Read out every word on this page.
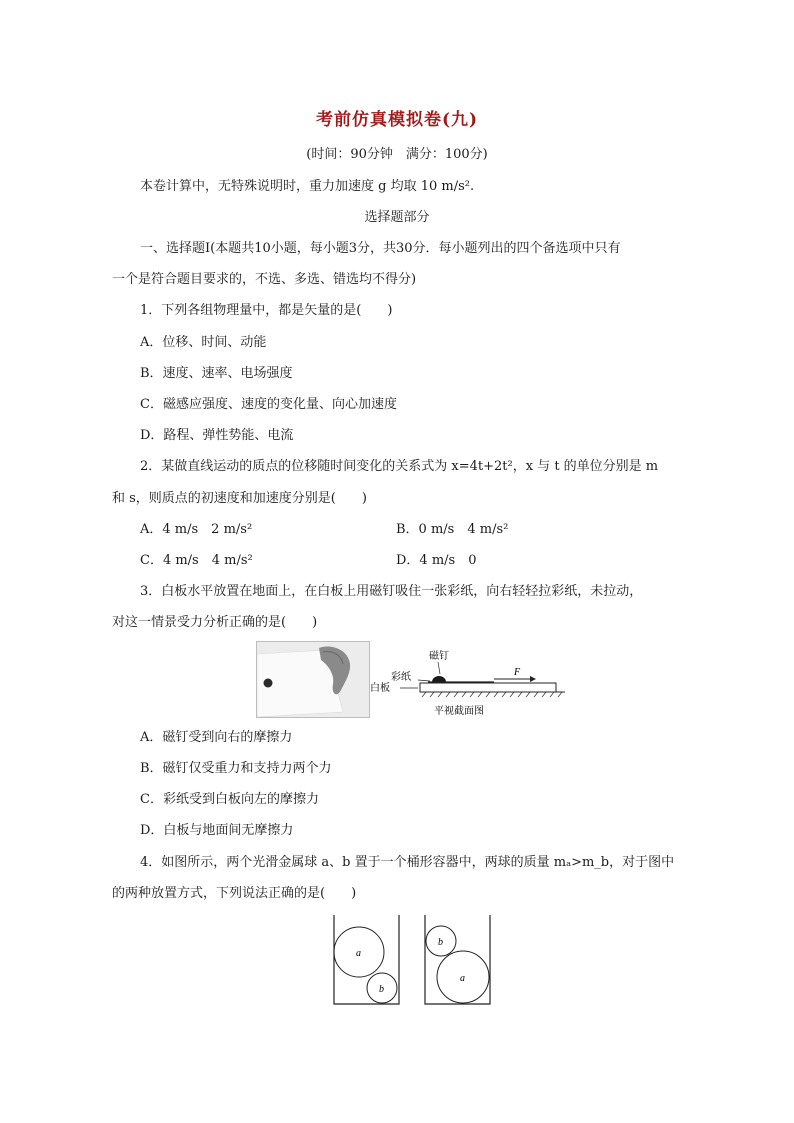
考前仿真模拟卷(九)
(时间：90分钟　满分：100分)
本卷计算中，无特殊说明时，重力加速度 g 均取 10 m/s².
选择题部分
一、选择题Ⅰ(本题共10小题，每小题3分，共30分．每小题列出的四个备选项中只有
一个是符合题目要求的，不选、多选、错选均不得分)
1．下列各组物理量中，都是矢量的是(　　)
A．位移、时间、动能
B．速度、速率、电场强度
C．磁感应强度、速度的变化量、向心加速度
D．路程、弹性势能、电流
2．某做直线运动的质点的位移随时间变化的关系式为 x=4t+2t²，x 与 t 的单位分别是 m
和 s，则质点的初速度和加速度分别是(　　)
A．4 m/s　2 m/s²	B．0 m/s　4 m/s²
C．4 m/s　4 m/s²	D．4 m/s　0
3．白板水平放置在地面上，在白板上用磁钉吸住一张彩纸，向右轻轻拉彩纸，未拉动，
对这一情景受力分析正确的是(　　)
磁钉
彩纸
白板
F
平视截面图
A．磁钉受到向右的摩擦力
B．磁钉仅受重力和支持力两个力
C．彩纸受到白板向左的摩擦力
D．白板与地面间无摩擦力
4．如图所示，两个光滑金属球 a、b 置于一个桶形容器中，两球的质量 mₐ>m_b，对于图中
的两种放置方式，下列说法正确的是(　　)
a
b
b
a
